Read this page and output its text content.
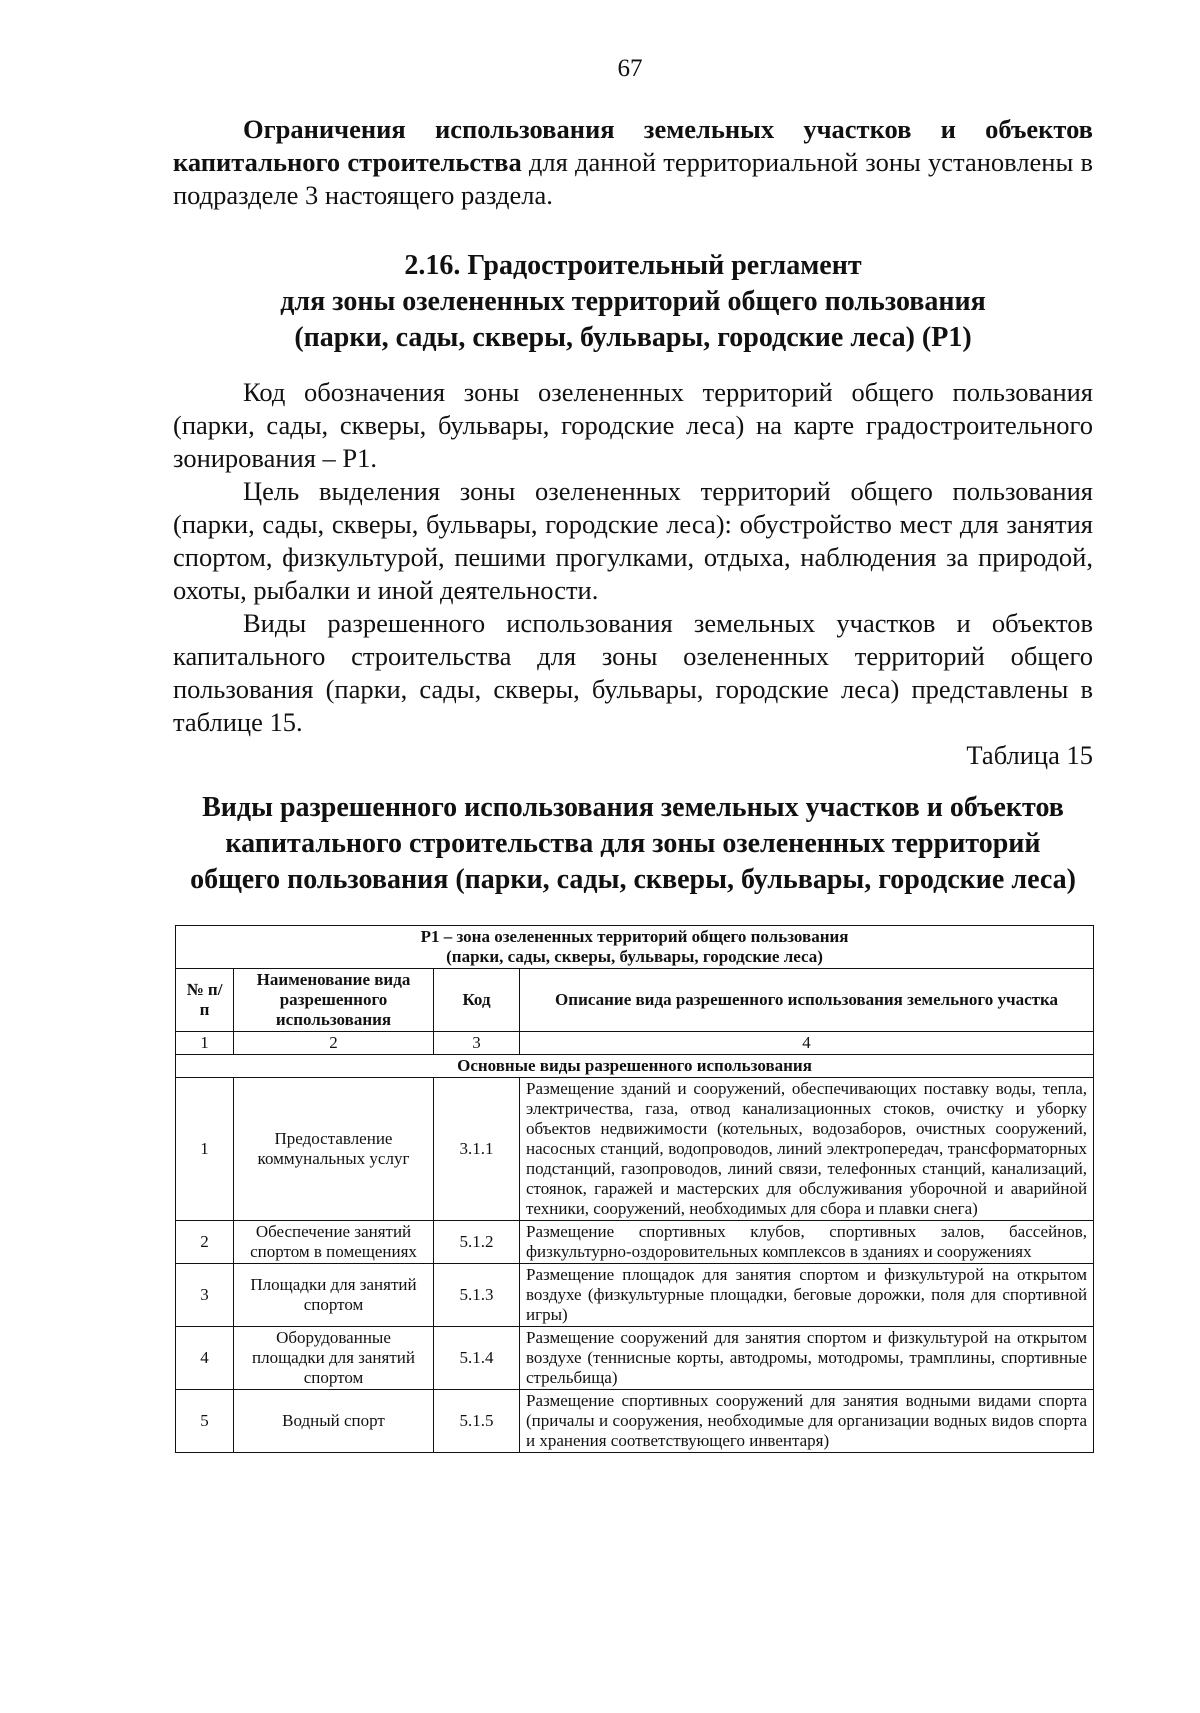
67
Ограничения использования земельных участков и объектов капитального строительства для данной территориальной зоны установлены в подразделе 3 настоящего раздела.
2.16. Градостроительный регламент
для зоны озелененных территорий общего пользования
(парки, сады, скверы, бульвары, городские леса) (Р1)
Код обозначения зоны озелененных территорий общего пользования (парки, сады, скверы, бульвары, городские леса) на карте градостроительного зонирования – Р1.
Цель выделения зоны озелененных территорий общего пользования (парки, сады, скверы, бульвары, городские леса): обустройство мест для занятия спортом, физкультурой, пешими прогулками, отдыха, наблюдения за природой, охоты, рыбалки и иной деятельности.
Виды разрешенного использования земельных участков и объектов капитального строительства для зоны озелененных территорий общего пользования (парки, сады, скверы, бульвары, городские леса) представлены в таблице 15.
Таблица 15
Виды разрешенного использования земельных участков и объектов
капитального строительства для зоны озелененных территорий
общего пользования (парки, сады, скверы, бульвары, городские леса)
Р1 – зона озелененных территорий общего пользования
(парки, сады, скверы, бульвары, городские леса)			

№ п/п	Наименование вида разрешенного использования	Код	Описание вида разрешенного использования земельного участка
1	2	3	4
Основные виды разрешенного использования			
1	Предоставление коммунальных услуг	3.1.1	Размещение зданий и сооружений, обеспечивающих поставку воды, тепла, электричества, газа, отвод канализационных стоков, очистку и уборку объектов недвижимости (котельных, водозаборов, очистных сооружений, насосных станций, водопроводов, линий электропередач, трансформаторных подстанций, газопроводов, линий связи, телефонных станций, канализаций, стоянок, гаражей и мастерских для обслуживания уборочной и аварийной техники, сооружений, необходимых для сбора и плавки снега)
2	Обеспечение занятий спортом в помещениях	5.1.2	Размещение спортивных клубов, спортивных залов, бассейнов, физкультурно-оздоровительных комплексов в зданиях и сооружениях
3	Площадки для занятий спортом	5.1.3	Размещение площадок для занятия спортом и физкультурой на открытом воздухе (физкультурные площадки, беговые дорожки, поля для спортивной игры)
4	Оборудованные площадки для занятий спортом	5.1.4	Размещение сооружений для занятия спортом и физкультурой на открытом воздухе (теннисные корты, автодромы, мотодромы, трамплины, спортивные стрельбища)
5	Водный спорт	5.1.5	Размещение спортивных сооружений для занятия водными видами спорта (причалы и сооружения, необходимые для организации водных видов спорта и хранения соответствующего инвентаря)
